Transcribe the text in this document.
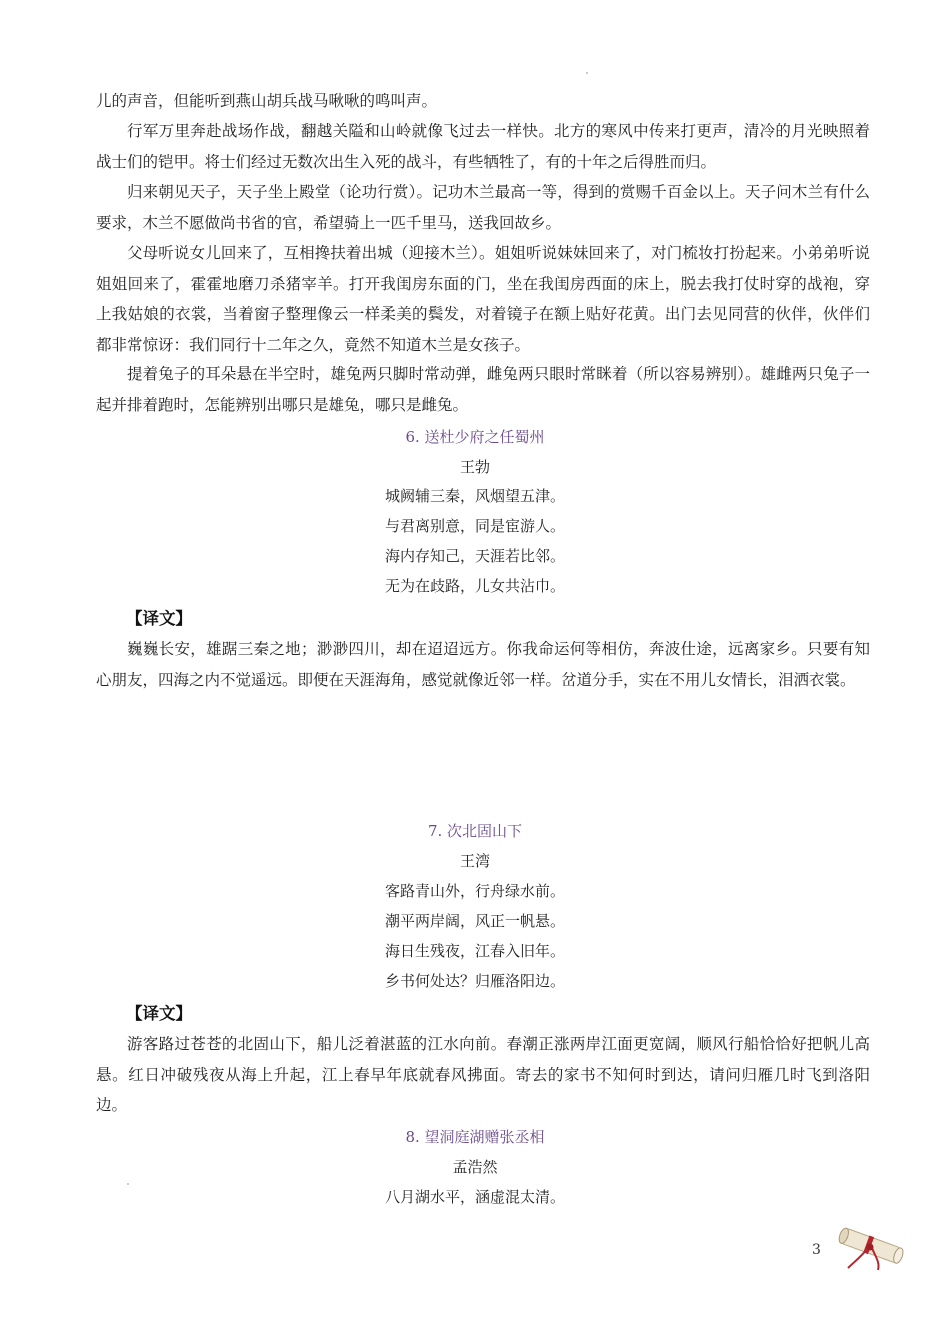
儿的声音，但能听到燕山胡兵战马啾啾的鸣叫声。

行军万里奔赴战场作战，翻越关隘和山岭就像飞过去一样快。北方的寒风中传来打更声，清冷的月光映照着战士们的铠甲。将士们经过无数次出生入死的战斗，有些牺牲了，有的十年之后得胜而归。

归来朝见天子，天子坐上殿堂（论功行赏）。记功木兰最高一等，得到的赏赐千百金以上。天子问木兰有什么要求，木兰不愿做尚书省的官，希望骑上一匹千里马，送我回故乡。

父母听说女儿回来了，互相搀扶着出城（迎接木兰）。姐姐听说妹妹回来了，对门梳妆打扮起来。小弟弟听说姐姐回来了，霍霍地磨刀杀猪宰羊。打开我闺房东面的门，坐在我闺房西面的床上，脱去我打仗时穿的战袍，穿上我姑娘的衣裳，当着窗子整理像云一样柔美的鬓发，对着镜子在额上贴好花黄。出门去见同营的伙伴，伙伴们都非常惊讶：我们同行十二年之久，竟然不知道木兰是女孩子。

提着兔子的耳朵悬在半空时，雄兔两只脚时常动弹，雌兔两只眼时常眯着（所以容易辨别）。雄雌两只兔子一起并排着跑时，怎能辨别出哪只是雄兔，哪只是雌兔。

6. 送杜少府之任蜀州

王勃

城阙辅三秦，风烟望五津。

与君离别意，同是宦游人。

海内存知己，天涯若比邻。

无为在歧路，儿女共沾巾。

【译文】

巍巍长安，雄踞三秦之地；渺渺四川，却在迢迢远方。你我命运何等相仿，奔波仕途，远离家乡。只要有知心朋友，四海之内不觉遥远。即便在天涯海角，感觉就像近邻一样。岔道分手，实在不用儿女情长，泪洒衣裳。

7. 次北固山下

王湾

客路青山外，行舟绿水前。

潮平两岸阔，风正一帆悬。

海日生残夜，江春入旧年。

乡书何处达？归雁洛阳边。

【译文】

游客路过苍苍的北固山下，船儿泛着湛蓝的江水向前。春潮正涨两岸江面更宽阔，顺风行船恰恰好把帆儿高悬。红日冲破残夜从海上升起，江上春早年底就春风拂面。寄去的家书不知何时到达，请问归雁几时飞到洛阳边。

8. 望洞庭湖赠张丞相

孟浩然

八月湖水平，涵虚混太清。

3
